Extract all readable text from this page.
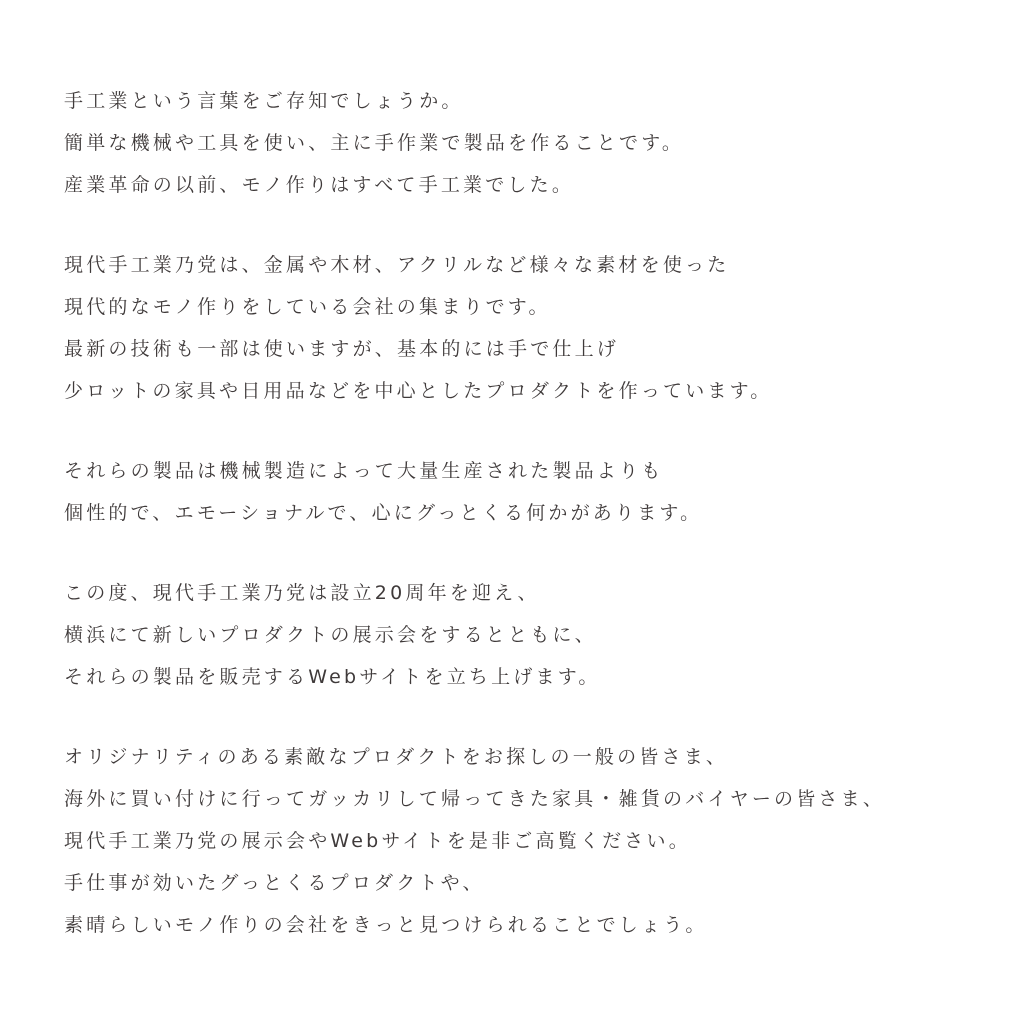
手工業という言葉をご存知でしょうか。
簡単な機械や工具を使い、主に手作業で製品を作ることです。
産業革命の以前、モノ作りはすべて手工業でした。
現代手工業乃党は、金属や木材、アクリルなど様々な素材を使った
現代的なモノ作りをしている会社の集まりです。
最新の技術も一部は使いますが、基本的には手で仕上げ
少ロットの家具や日用品などを中心としたプロダクトを作っています。
それらの製品は機械製造によって大量生産された製品よりも
個性的で、エモーショナルで、心にグっとくる何かがあります。
この度、現代手工業乃党は設立20周年を迎え、
横浜にて新しいプロダクトの展示会をするとともに、
それらの製品を販売するWebサイトを立ち上げます。
オリジナリティのある素敵なプロダクトをお探しの一般の皆さま、
海外に買い付けに行ってガッカリして帰ってきた家具・雑貨のバイヤーの皆さま、
現代手工業乃党の展示会やWebサイトを是非ご高覧ください。
手仕事が効いたグっとくるプロダクトや、
素晴らしいモノ作りの会社をきっと見つけられることでしょう。
